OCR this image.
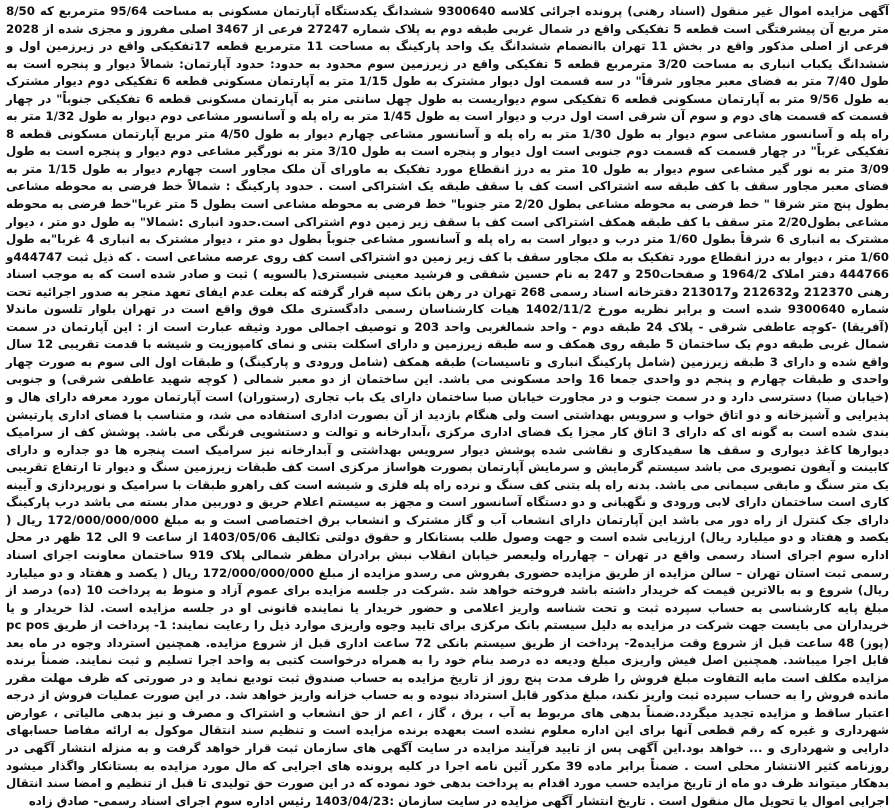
آگهی مزایده اموال غیر منقول (اسناد رهنی) پرونده اجرائی کلاسه 9300640 ششدانگ یکدستگاه آپارتمان مسکونی به مساحت 95/64 مترمربع که 8/50 متر مربع آن پیشرفتگی است قطعه 5 تفکیکی واقع در شمال غربی طبقه دوم به پلاک شماره 27247 فرعی از 3467 اصلی مفروز و مجزی شده از 2028 فرعی از اصلی مذکور واقع در بخش 11 تهران باانضمام ششدانگ یک واحد پارکینگ به مساحت 11 مترمربع قطعه 17تفکیکی واقع در زیرزمین اول و ششدانگ یکباب انباری به مساحت 3/20 مترمربع قطعه 5 تفکیکی واقع در زیرزمین سوم محدود به حدود: حدود آپارتمان: شمالاً دیوار و پنجره است به طول 7/40 متر به فضای معبر مجاور شرقاً" در سه قسمت اول دیوار مشترک به طول 1/15 متر به آپارتمان مسکونی قطعه 6 تفکیکی دوم دیوار مشترک به طول 9/56 متر به آپارتمان مسکونی قطعه 6 تفکیکی سوم دیواریست به طول چهل سانتی متر به آپارتمان مسکونی قطعه 6 تفکیکی جنوباً" در چهار قسمت که قسمت های دوم و سوم آن شرقی است اول درب و دیوار است به طول 1/45 متر به راه پله و آسانسور مشاعی دوم دیوار به طول 1/32 متر به راه پله و آسانسور مشاعی سوم دیوار به طول 1/30 متر به راه پله و آسانسور مشاعی چهارم دیوار به طول 4/50 متر مربع آپارتمان مسکونی قطعه 8 تفکیکی غرباً" در چهار قسمت که قسمت دوم جنوبی است اول دیوار و پنجره است به طول 3/10 متر به نورگیر مشاعی دوم دیوار و پنجره است به طول 3/09 متر به نور گیر مشاعی سوم دیوار به طول 10 متر به درز انقطاع مورد تفکیک به ماورای آن ملک مجاور است چهارم دیوار به طول 1/15 متر به فضای معبر مجاور سقف با کف طبقه سه اشتراکی است کف با سقف طبقه یک اشتراکی است . حدود پارکینگ : شمالاً خط فرضی به محوطه مشاعی بطول پنج متر شرقا " خط فرضی به محوطه مشاعی بطول 2/20 متر جنوبا" خط فرضی به محوطه مشاعی است بطول 5 متر غربا"خط فرضی به محوطه مشاعی بطول2/20 متر سقف با کف طبقه همکف اشتراکی است کف با سقف زیر زمین دوم اشتراکی است.حدود انباری :شمالا" به طول دو متر ، دیوار مشترک به انباری 6 شرقاً بطول 1/60 متر درب و دیوار است به راه پله و آسانسور مشاعی جنوباً بطول دو متر ، دیوار مشترک به انباری 4 غربا"به طول 1/60 متر ، دیوار به درز انقطاع مورد تفکیک به ملک مجاور سقف با کف زیر زمین دو اشتراکی است کف روی عرصه مشاعی است . که ذیل ثبت 444747و 444766 دفتر املاک 1964/2 و صفحات250 و 247 به نام حسین شفقی و فرشید معینی شبستری( بالسویه ) ثبت و صادر شده است که به موجب اسناد رهنی 212370 و212632 و213017 دفترخانه اسناد رسمی 268 تهران در رهن بانک سپه قرار گرفته که بعلت عدم ایفای تعهد منجر به صدور اجرائیه تحت شماره 9300640 شده است و برابر نظریه مورخ 1402/11/2 هیات کارشناسان رسمی دادگستری ملک فوق واقع است در تهران بلوار تلسون ماندلا (آفریقا) -کوچه عاطفی شرقی - پلاک 24 طبقه دوم - واحد شمالغربی واحد 203 و توصیف اجمالی مورد وثیقه عبارت است از : این آپارتمان در سمت شمال غربی طبقه دوم یک ساختمان 5 طبقه روی همکف و سه طبقه زیرزمین و دارای اسکلت بتنی و نمای کامپوزیت و شیشه با قدمت تقریبی 12 سال واقع شده و دارای 3 طبقه زیرزمین (شامل پارکینگ انباری و تاسیسات) طبقه همکف (شامل ورودی و پارکینگ) و طبقات اول الی سوم به صورت چهار واحدی و طبقات چهارم و پنجم دو واحدی جمعا 16 واحد مسکونی می باشد. این ساختمان از دو معبر شمالی ( کوچه شهید عاطفی شرقی) و جنوبی (خیابان صبا) دسترسی دارد و در سمت جنوب و در مجاورت خیابان صبا ساختمان دارای یک باب تجاری (رستوران) است آپارتمان مورد معرفه دارای هال و پذیرایی و آشپزخانه و دو اتاق خواب و سرویس بهداشتی است ولی هنگام بازدید از آن بصورت اداری استفاده می شد، و متناسب با فضای اداری پارتیشن بندی شده است به گونه ای که دارای 3 اتاق کار مجزا یک فضای اداری مرکزی ،آبدارخانه و توالت و دستشویی فرنگی می باشد. پوشش کف از سرامیک دیوارها کاغذ دیواری و سقف ها سفیدکاری و نقاشی شده پوشش دیوار سرویس بهداشتی و آبدارخانه نیز سرامیک است پنجره ها دو جداره و دارای کابینت و آیفون تصویری می باشد سیستم گرمایش و سرمایش آپارتمان بصورت هواساز مرکزی است کف طبقات زیرزمین سنگ و دیوار تا ارتفاع تقریبی یک متر سنگ و مابقی سیمانی می باشد. بدنه راه پله بتنی کف سنگ و نرده راه پله فلزی و شیشه است کف راهرو طبقات با سرامیک و نورپردازی و آیینه کاری است ساختمان دارای لابی ورودی و نگهبانی و دو دستگاه آسانسور است و مجهز به سیستم اعلام حریق و دوربین مدار بسته می باشد درب پارکینگ دارای جک کنترل از راه دور می باشد این آپارتمان دارای انشعاب آب و گاز مشترک و انشعاب برق اختصاصی است و به مبلغ 172/000/000/000 ریال ( یکصد و هفتاد و دو میلیارد ریال) ارزیابی شده است و جهت وصول طلب بستانکار و حقوق دولتی تکالیف 1403/05/06 از ساعت 9 الی 12 ظهر در محل اداره سوم اجرای اسناد رسمی واقع در تهران – چهارراه ولیعصر خیابان انقلاب نبش برادران مظفر شمالی پلاک 919 ساختمان معاونت اجرای اسناد رسمی ثبت استان تهران – سالن مزایده از طریق مزایده حضوری بفروش می رسدو مزایده از مبلغ 172/000/000/000 ریال ( یکصد و هفتاد و دو میلیارد ریال) شروع و به بالاترین قیمت که خریدار داشته باشد فروخته خواهد شد .شرکت در جلسه مزایده برای عموم آزاد و منوط به پرداخت 10 (ده) درصد از مبلغ پایه کارشناسی به حساب سپرده ثبت و تحت شناسه واریز اعلامی و حضور خریدار یا نماینده قانونی او در جلسه مزایده است. لذا خریدار و یا خریداران می بایست جهت شرکت در مزایده به دلیل سیستم بانک مرکزی برای تایید وجوه واریزی موارد ذیل را رعایت نمایند: 1- پرداخت از طریق pc pos (پوز) 48 ساعت قبل از شروع وقت مزایده2- پرداخت از طریق سیستم بانکی 72 ساعت اداری قبل از شروع مزایده. همچنین استرداد وجوه در ماه بعد قابل اجرا میباشد. همچنین اصل فیش واریزی مبلغ ودیعه ده درصد بنام خود را به همراه درخواست کتبی به واحد اجرا تسلیم و ثبت نمایند. ضمناً برنده مزایده مکلف است مابه التفاوت مبلغ فروش را ظرف مدت پنج روز از تاریخ مزایده به حساب صندوق ثبت تودیع نماید و در صورتی که ظرف مهلت مقرر مانده فروش را به حساب سپرده ثبت واریز نکند، مبلغ مذکور قابل استرداد نبوده و به حساب خزانه واریز خواهد شد. در این صورت عملیات فروش از درجه اعتبار ساقط و مزایده تجدید میگردد.ضمناً بدهی های مربوط به آب ، برق ، گاز ، اعم از حق انشعاب و اشتراک و مصرف و نیز بدهی مالیاتی ، عوارض شهرداری و غیره که رقم قطعی آنها برای این اداره معلوم نشده است بعهده برنده مزایده است و تنظیم سند انتقال موکول به ارائه مفاصا حسابهای دارایی و شهرداری و ... خواهد بود.این آگهی پس از تایید فرآیند مزایده در سایت آگهی های سازمان ثبت قرار خواهد گرفت و به منزله انتشار آگهی در روزنامه کثیر الانتشار محلی است . ضمناً برابر ماده 39 مکرر آئین نامه اجرا در کلیه پرونده های اجرایی که مال مورد مزایده به بستانکار واگذار میشود بدهکار میتواند ظرف دو ماه از تاریخ مزایده حسب مورد اقدام به پرداخت بدهی خود نموده که در این صورت حق تولیدی تا قبل از تنظیم و امضا سند انتقال اجرایی اموال یا تحویل مال منقول است . تاریخ انتشار آگهی مزایده در سایت سازمان :1403/04/23 رئیس اداره سوم اجرای اسناد رسمی- صادق زاده
